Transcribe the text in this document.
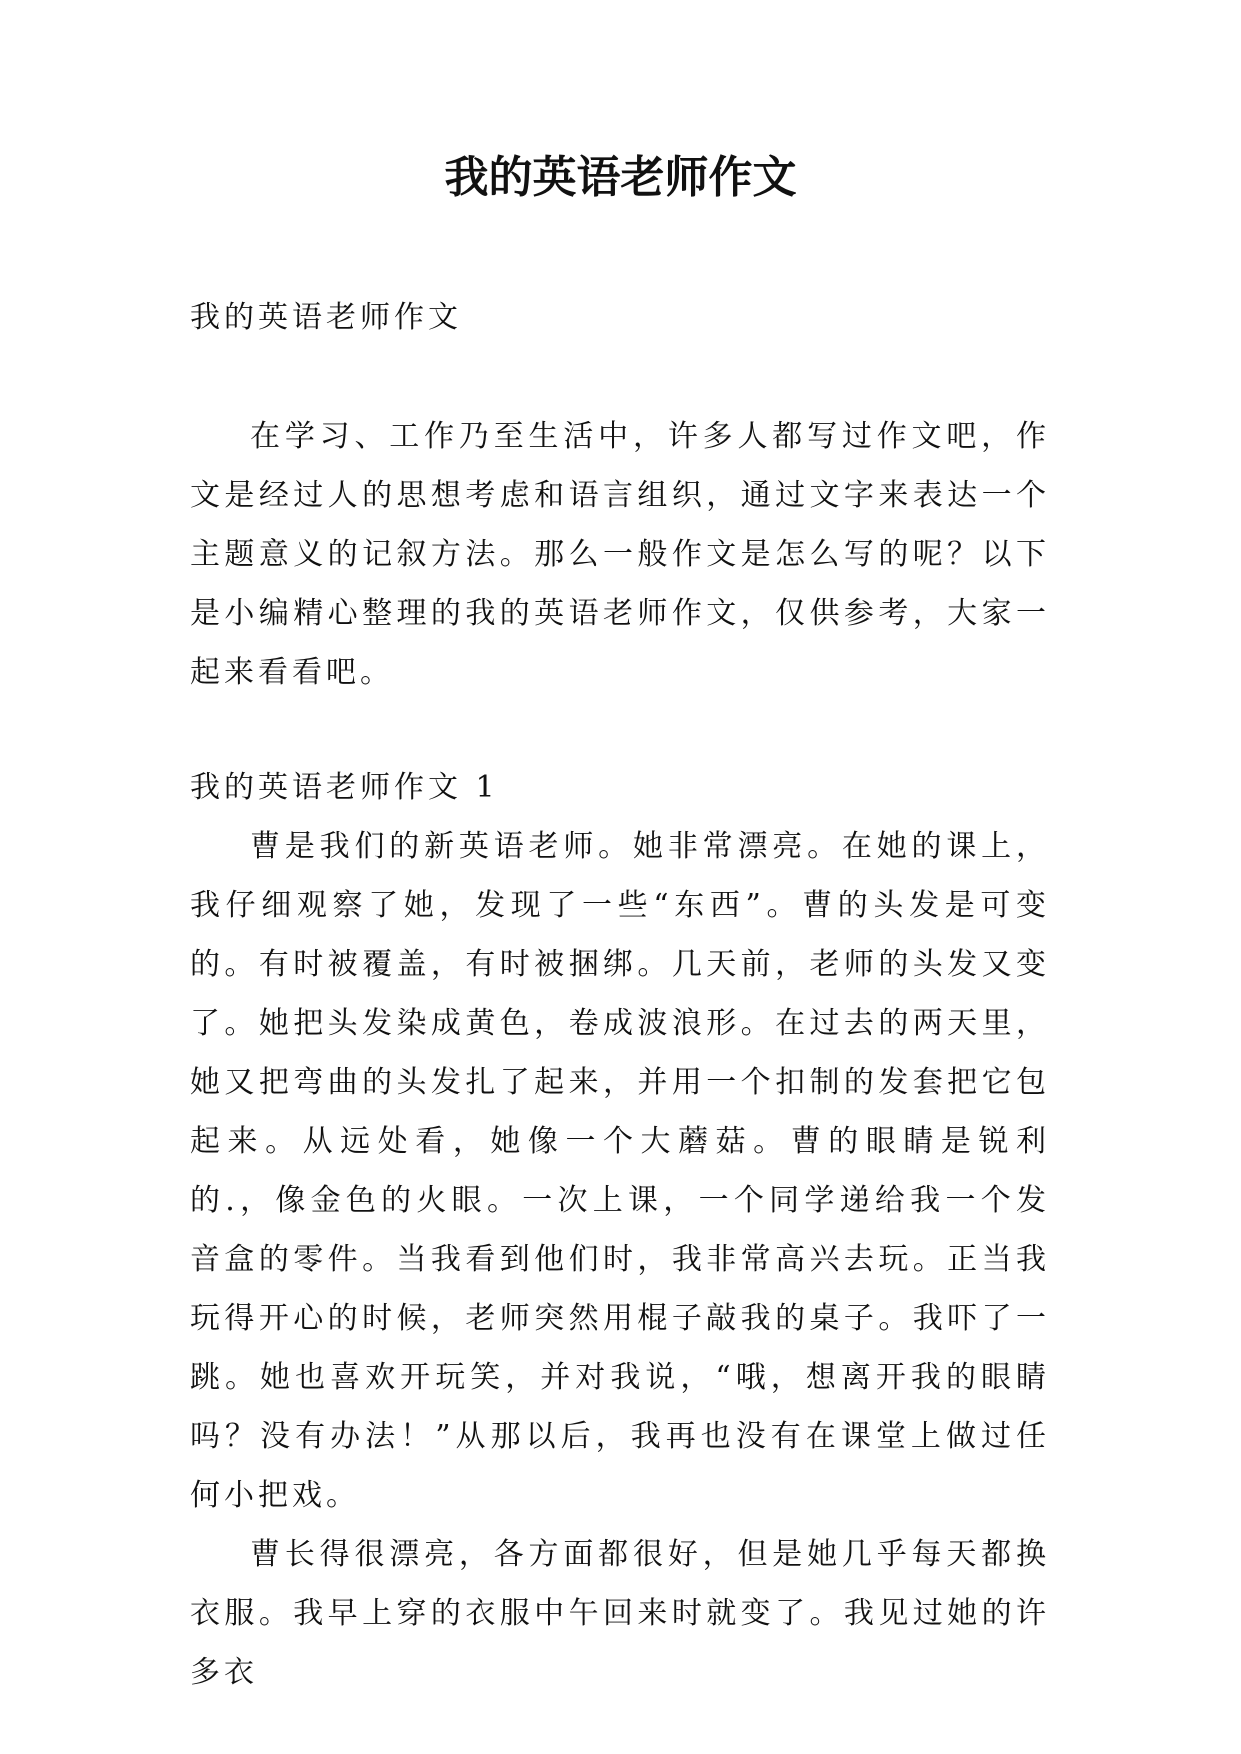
我的英语老师作文

我的英语老师作文

在学习、工作乃至生活中，许多人都写过作文吧，作文是经过人的思想考虑和语言组织，通过文字来表达一个主题意义的记叙方法。那么一般作文是怎么写的呢？以下是小编精心整理的我的英语老师作文，仅供参考，大家一起来看看吧。

我的英语老师作文 1

曹是我们的新英语老师。她非常漂亮。在她的课上，我仔细观察了她，发现了一些“东西”。曹的头发是可变的。有时被覆盖，有时被捆绑。几天前，老师的头发又变了。她把头发染成黄色，卷成波浪形。在过去的两天里，她又把弯曲的头发扎了起来，并用一个扣制的发套把它包起来。从远处看，她像一个大蘑菇。曹的眼睛是锐利的.，像金色的火眼。一次上课，一个同学递给我一个发音盒的零件。当我看到他们时，我非常高兴去玩。正当我玩得开心的时候，老师突然用棍子敲我的桌子。我吓了一跳。她也喜欢开玩笑，并对我说，“哦，想离开我的眼睛吗？没有办法！”从那以后，我再也没有在课堂上做过任何小把戏。

曹长得很漂亮，各方面都很好，但是她几乎每天都换衣服。我早上穿的衣服中午回来时就变了。我见过她的许多衣
